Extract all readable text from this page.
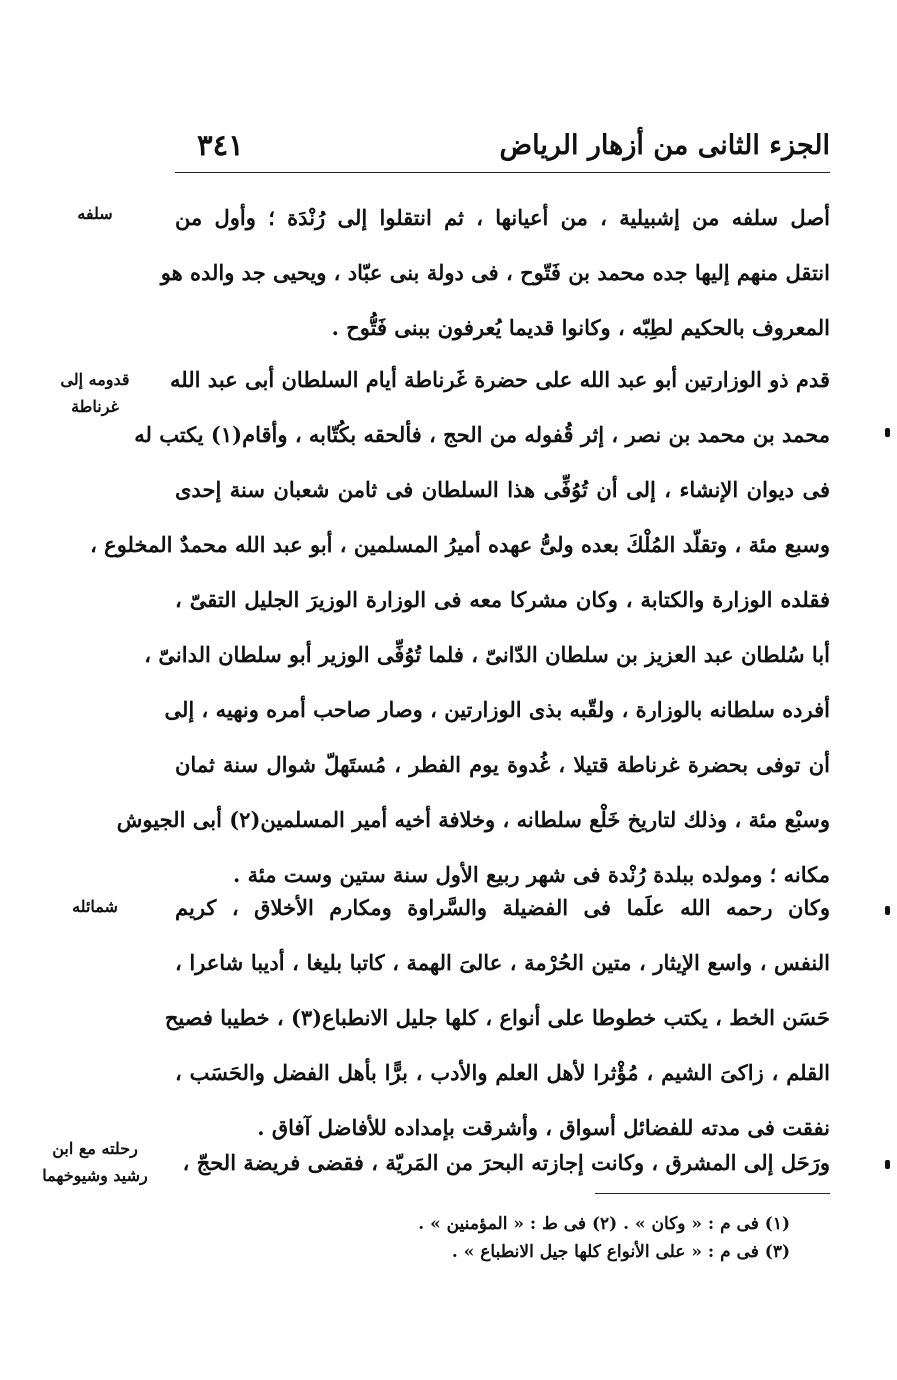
الجزء الثانى من أزهار الرياض
٣٤١
أصل سلفه من إشبيلية ، من أعيانها ، ثم انتقلوا إلى رُنْدَة ؛ وأول من
انتقل منهم إليها جده محمد بن فَتّوح ، فى دولة بنى عبّاد ، ويحيى جد والده هو
المعروف بالحكيم لطِبّه ، وكانوا قديما يُعرفون ببنى فَتُّوح .
سلفه
قدم ذو الوزارتين أبو عبد الله على حضرة غَرناطة أيام السلطان أبى عبد الله
محمد بن محمد بن نصر ، إثر قُفوله من الحج ، فألحقه بكُتّابه ، وأقام(١) يكتب له
فى ديوان الإنشاء ، إلى أن تُوُفِّى هذا السلطان فى ثامن شعبان سنة إحدى
وسبع مئة ، وتقلّد المُلْكَ بعده ولىُّ عهده أميرُ المسلمين ، أبو عبد الله محمدٌ المخلوع ،
فقلده الوزارة والكتابة ، وكان مشركا معه فى الوزارة الوزيرَ الجليل التقىّ ،
أبا سُلطان عبد العزيز بن سلطان الدّانىّ ، فلما تُوُفِّى الوزير أبو سلطان الدانىّ ،
أفرده سلطانه بالوزارة ، ولقّبه بذى الوزارتين ، وصار صاحب أمره ونهيه ، إلى
أن توفى بحضرة غرناطة قتيلا ، غُدوة يوم الفطر ، مُستَهلّ شوال سنة ثمان
وسبْع مئة ، وذلك لتاريخ خَلْع سلطانه ، وخلافة أخيه أمير المسلمين(٢) أبى الجيوش
مكانه ؛ ومولده ببلدة رُنْدة فى شهر ربيع الأول سنة ستين وست مئة .
قدومه إلى غرناطة
وكان رحمه الله علَما فى الفضيلة والسَّراوة ومكارم الأخلاق ، كريم
النفس ، واسع الإيثار ، متين الحُرْمة ، عالىَ الهمة ، كاتبا بليغا ، أديبا شاعرا ،
حَسَن الخط ، يكتب خطوطا على أنواع ، كلها جليل الانطباع(٣) ، خطيبا فصيح
القلم ، زاكىَ الشيم ، مُؤْثرا لأهل العلم والأدب ، برًّا بأهل الفضل والحَسَب ،
نفقت فى مدته للفضائل أسواق ، وأشرقت بإمداده للأفاضل آفاق .
شمائله
ورَحَل إلى المشرق ، وكانت إجازته البحرَ من المَريّة ، فقضى فريضة الحجّ ،
رحلته مع ابن رشيد وشيوخهما
(١) فى م : « وكان » . (٢) فى ط : « المؤمنين » .
(٣) فى م : « على الأنواع كلها جيل الانطباع » .
